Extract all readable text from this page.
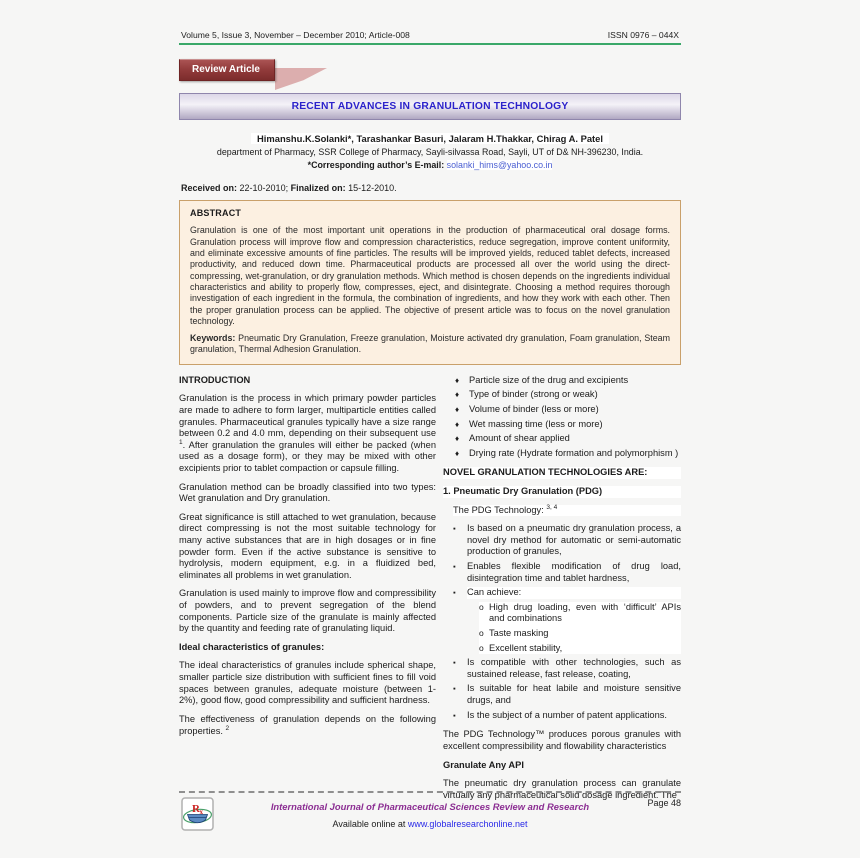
Volume 5, Issue 3, November – December 2010; Article-008	ISSN 0976 – 044X
Review Article
RECENT ADVANCES IN GRANULATION TECHNOLOGY
Himanshu.K.Solanki*, Tarashankar Basuri, Jalaram H.Thakkar, Chirag A. Patel
department of Pharmacy, SSR College of Pharmacy, Sayli-silvassa Road, Sayli, UT of D& NH-396230, India.
*Corresponding author’s E-mail: solanki_hims@yahoo.co.in
Received on: 22-10-2010; Finalized on: 15-12-2010.
ABSTRACT

Granulation is one of the most important unit operations in the production of pharmaceutical oral dosage forms. Granulation process will improve flow and compression characteristics, reduce segregation, improve content uniformity, and eliminate excessive amounts of fine particles. The results will be improved yields, reduced tablet defects, increased productivity, and reduced down time. Pharmaceutical products are processed all over the world using the direct-compressing, wet-granulation, or dry granulation methods. Which method is chosen depends on the ingredients individual characteristics and ability to properly flow, compresses, eject, and disintegrate. Choosing a method requires thorough investigation of each ingredient in the formula, the combination of ingredients, and how they work with each other. Then the proper granulation process can be applied. The objective of present article was to focus on the novel granulation technology.

Keywords: Pneumatic Dry Granulation, Freeze granulation, Moisture activated dry granulation, Foam granulation, Steam granulation, Thermal Adhesion Granulation.

INTRODUCTION

Granulation is the process in which primary powder particles are made to adhere to form larger, multiparticle entities called granules. Pharmaceutical granules typically have a size range between 0.2 and 4.0 mm, depending on their subsequent use $^1$. After granulation the granules will either be packed (when used as a dosage form), or they may be mixed with other excipients prior to tablet compaction or capsule filling.

Granulation method can be broadly classified into two types: Wet granulation and Dry granulation.

Great significance is still attached to wet granulation, because direct compressing is not the most suitable technology for many active substances that are in high dosages or in fine powder form. Even if the active substance is sensitive to hydrolysis, modern equipment, e.g. in a fluidized bed, eliminates all problems in wet granulation.

Granulation is used mainly to improve flow and compressibility of powders, and to prevent segregation of the blend components. Particle size of the granulate is mainly affected by the quantity and feeding rate of granulating liquid.

Ideal characteristics of granules:

The ideal characteristics of granules include spherical shape, smaller particle size distribution with sufficient fines to fill void spaces between granules, adequate moisture (between 1-2%), good flow, good compressibility and sufficient hardness.

The effectiveness of granulation depends on the following properties. $^2$

♦	Particle size of the drug and excipients
♦	Type of binder (strong or weak)
♦	Volume of binder (less or more)
♦	Wet massing time (less or more)
♦	Amount of shear applied
♦	Drying rate (Hydrate formation and polymorphism )
NOVEL GRANULATION TECHNOLOGIES ARE:
1. Pneumatic Dry Granulation (PDG)

The PDG Technology: $^{3, 4}$

▪	Is based on a pneumatic dry granulation process, a novel dry method for automatic or semi-automatic production of granules,
▪	Enables flexible modification of drug load, disintegration time and tablet hardness,
▪	Can achieve:
o High drug loading, even with ‘difficult’ APIs and combinations
o Taste masking
o Excellent stability,
▪	Is compatible with other technologies, such as sustained release, fast release, coating,
▪	Is suitable for heat labile and moisture sensitive drugs, and
▪	Is the subject of a number of patent applications.

The PDG Technology™ produces porous granules with excellent compressibility and flowability characteristics

Granulate Any API

The pneumatic dry granulation process can granulate virtually any pharmaceutical solid dosage ingredient. The

R x	International Journal of Pharmaceutical Sciences Review and Research	Page 48
Available online at www.globalresearchonline.net
